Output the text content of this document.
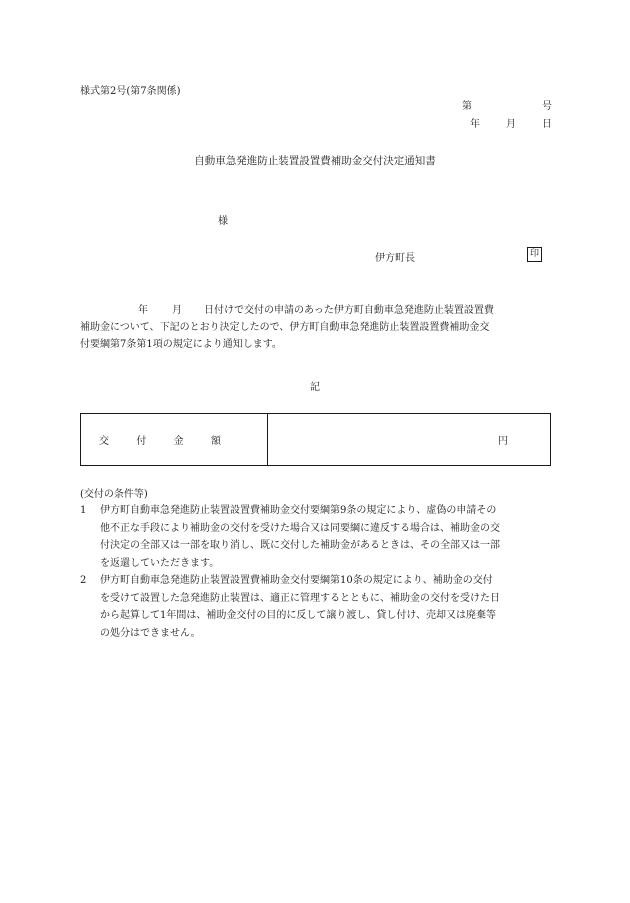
様式第2号(第7条関係)
第	号
年	月	日
自動車急発進防止装置設置費補助金交付決定通知書
様
伊方町長	印
年 月 日付けで交付の申請のあった伊方町自動車急発進防止装置設置費
補助金について、下記のとおり決定したので、伊方町自動車急発進防止装置設置費補助金交
付要綱第7条第1項の規定により通知します。
記
交	付	金	額	円
(交付の条件等)
1	伊方町自動車急発進防止装置設置費補助金交付要綱第9条の規定により、虚偽の申請その
他不正な手段により補助金の交付を受けた場合又は同要綱に違反する場合は、補助金の交
付決定の全部又は一部を取り消し、既に交付した補助金があるときは、その全部又は一部
を返還していただきます。
2	伊方町自動車急発進防止装置設置費補助金交付要綱第10条の規定により、補助金の交付
を受けて設置した急発進防止装置は、適正に管理するとともに、補助金の交付を受けた日
から起算して1年間は、補助金交付の目的に反して譲り渡し、貸し付け、売却又は廃棄等
の処分はできません。
